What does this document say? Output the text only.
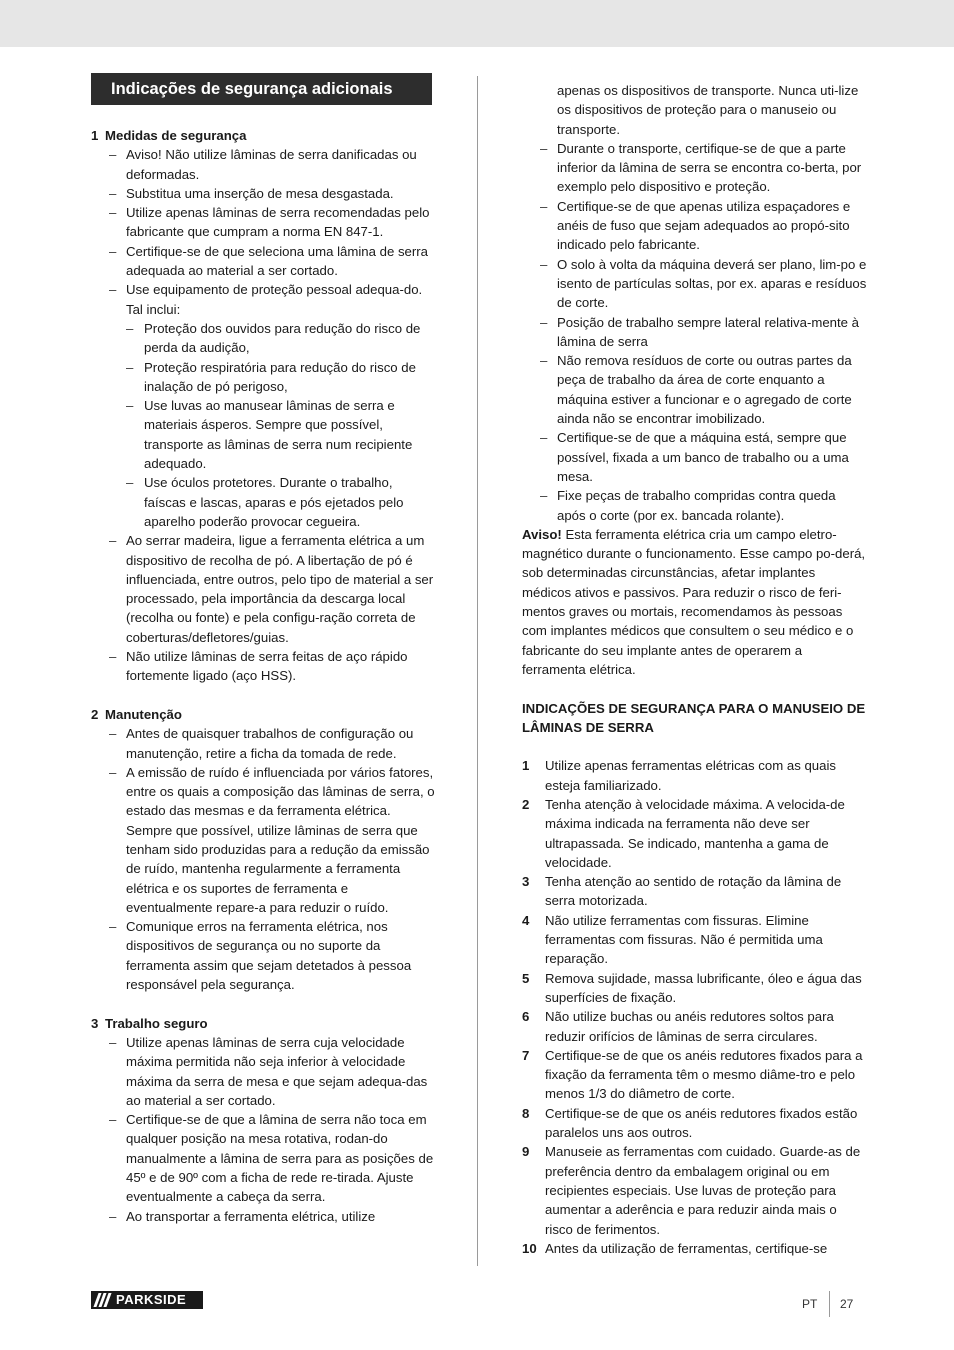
Indicações de segurança adicionais

1 Medidas de segurança

– Aviso! Não utilize lâminas de serra danificadas ou deformadas.
– Substitua uma inserção de mesa desgastada.
– Utilize apenas lâminas de serra recomendadas pelo fabricante que cumpram a norma EN 847-1.
– Certifique-se de que seleciona uma lâmina de serra adequada ao material a ser cortado.
– Use equipamento de proteção pessoal adequa-do. Tal inclui:
– Proteção dos ouvidos para redução do risco de perda da audição,
– Proteção respiratória para redução do risco de inalação de pó perigoso,
– Use luvas ao manusear lâminas de serra e materiais ásperos. Sempre que possível, transporte as lâminas de serra num recipiente adequado.
– Use óculos protetores. Durante o trabalho, faíscas e lascas, aparas e pós ejetados pelo aparelho poderão provocar cegueira.
– Ao serrar madeira, ligue a ferramenta elétrica a um dispositivo de recolha de pó. A libertação de pó é influenciada, entre outros, pelo tipo de material a ser processado, pela importância da descarga local (recolha ou fonte) e pela configu-ração correta de coberturas/defletores/guias.
– Não utilize lâminas de serra feitas de aço rápido fortemente ligado (aço HSS).

2 Manutenção

– Antes de quaisquer trabalhos de configuração ou manutenção, retire a ficha da tomada de rede.
– A emissão de ruído é influenciada por vários fatores, entre os quais a composição das lâminas de serra, o estado das mesmas e da ferramenta elétrica. Sempre que possível, utilize lâminas de serra que tenham sido produzidas para a redução da emissão de ruído, mantenha regularmente a ferramenta elétrica e os suportes de ferramenta e eventualmente repare-a para reduzir o ruído.
– Comunique erros na ferramenta elétrica, nos dispositivos de segurança ou no suporte da ferramenta assim que sejam detetados à pessoa responsável pela segurança.

3 Trabalho seguro

– Utilize apenas lâminas de serra cuja velocidade máxima permitida não seja inferior à velocidade máxima da serra de mesa e que sejam adequa-das ao material a ser cortado.
– Certifique-se de que a lâmina de serra não toca em qualquer posição na mesa rotativa, rodan-do manualmente a lâmina de serra para as posições de 45º e de 90º com a ficha de rede re-tirada. Ajuste eventualmente a cabeça da serra.
– Ao transportar a ferramenta elétrica, utilize
apenas os dispositivos de transporte. Nunca uti-lize os dispositivos de proteção para o manuseio ou transporte.
– Durante o transporte, certifique-se de que a parte inferior da lâmina de serra se encontra co-berta, por exemplo pelo dispositivo e proteção.
– Certifique-se de que apenas utiliza espaçadores e anéis de fuso que sejam adequados ao propó-sito indicado pelo fabricante.
– O solo à volta da máquina deverá ser plano, lim-po e isento de partículas soltas, por ex. aparas e resíduos de corte.
– Posição de trabalho sempre lateral relativa-mente à lâmina de serra
– Não remova resíduos de corte ou outras partes da peça de trabalho da área de corte enquanto a máquina estiver a funcionar e o agregado de corte ainda não se encontrar imobilizado.
– Certifique-se de que a máquina está, sempre que possível, fixada a um banco de trabalho ou a uma mesa.
– Fixe peças de trabalho compridas contra queda após o corte (por ex. bancada rolante).
Aviso! Esta ferramenta elétrica cria um campo eletro-magnético durante o funcionamento. Esse campo po-derá, sob determinadas circunstâncias, afetar implantes médicos ativos e passivos. Para reduzir o risco de feri-mentos graves ou mortais, recomendamos às pessoas com implantes médicos que consultem o seu médico e o fabricante do seu implante antes de operarem a ferramenta elétrica.
INDICAÇÕES DE SEGURANÇA PARA O MANUSEIO DE LÂMINAS DE SERRA
1 Utilize apenas ferramentas elétricas com as quais esteja familiarizado.
2 Tenha atenção à velocidade máxima. A velocida-de máxima indicada na ferramenta não deve ser ultrapassada. Se indicado, mantenha a gama de velocidade.
3 Tenha atenção ao sentido de rotação da lâmina de serra motorizada.
4 Não utilize ferramentas com fissuras. Elimine ferramentas com fissuras. Não é permitida uma reparação.
5 Remova sujidade, massa lubrificante, óleo e água das superfícies de fixação.
6 Não utilize buchas ou anéis redutores soltos para reduzir orifícios de lâminas de serra circulares.
7 Certifique-se de que os anéis redutores fixados para a fixação da ferramenta têm o mesmo diâme-tro e pelo menos 1/3 do diâmetro de corte.
8 Certifique-se de que os anéis redutores fixados estão paralelos uns aos outros.
9 Manuseie as ferramentas com cuidado. Guarde-as de preferência dentro da embalagem original ou em recipientes especiais. Use luvas de proteção para aumentar a aderência e para reduzir ainda mais o risco de ferimentos.
10 Antes da utilização de ferramentas, certifique-se
PARKSIDE	PT 27
